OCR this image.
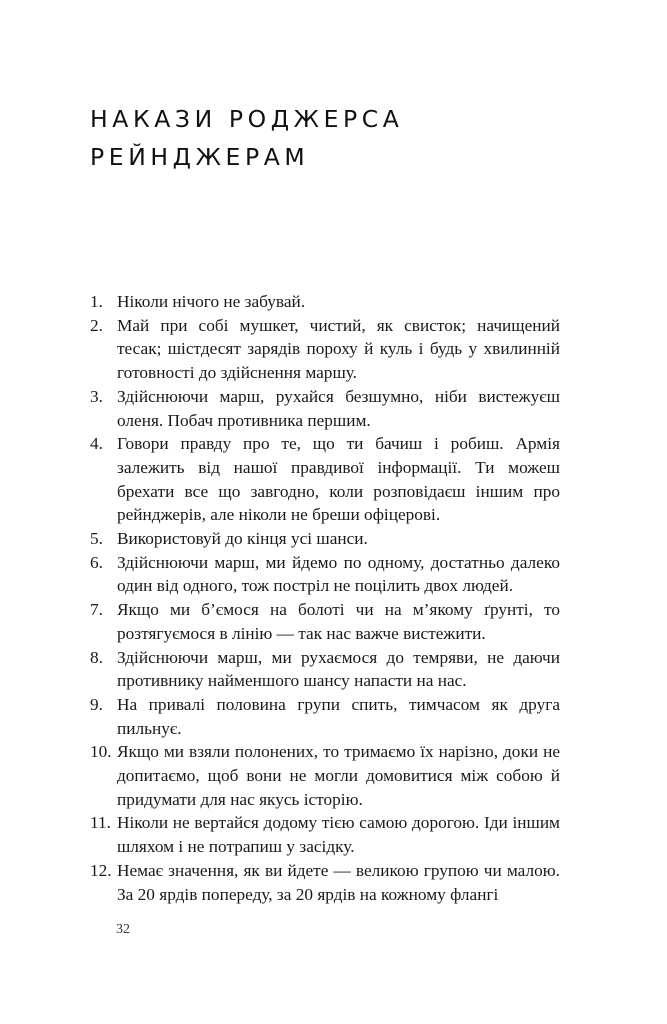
НАКАЗИ РОДЖЕРСА
РЕЙНДЖЕРАМ
1. Ніколи нічого не забувай.
2. Май при собі мушкет, чистий, як свисток; начищений тесак; шістдесят зарядів пороху й куль і будь у хвилинній готовності до здійснення маршу.
3. Здійснюючи марш, рухайся безшумно, ніби вистежуєш оленя. Побач противника першим.
4. Говори правду про те, що ти бачиш і робиш. Армія залежить від нашої правдивої інформації. Ти можеш брехати все що завгодно, коли розповідаєш іншим про рейнджерів, але ніколи не бреши офіцерові.
5. Використовуй до кінця усі шанси.
6. Здійснюючи марш, ми йдемо по одному, достатньо далеко один від одного, тож постріл не поцілить двох людей.
7. Якщо ми б’ємося на болоті чи на м’якому ґрунті, то розтягуємося в лінію — так нас важче вистежити.
8. Здійснюючи марш, ми рухаємося до темряви, не даючи противнику найменшого шансу напасти на нас.
9. На привалі половина групи спить, тимчасом як друга пильнує.
10. Якщо ми взяли полонених, то тримаємо їх нарізно, доки не допитаємо, щоб вони не могли домовитися між собою й придумати для нас якусь історію.
11. Ніколи не вертайся додому тією самою дорогою. Іди іншим шляхом і не потрапиш у засідку.
12. Немає значення, як ви йдете — великою групою чи малою. За 20 ярдів попереду, за 20 ярдів на кожному флангі
32
